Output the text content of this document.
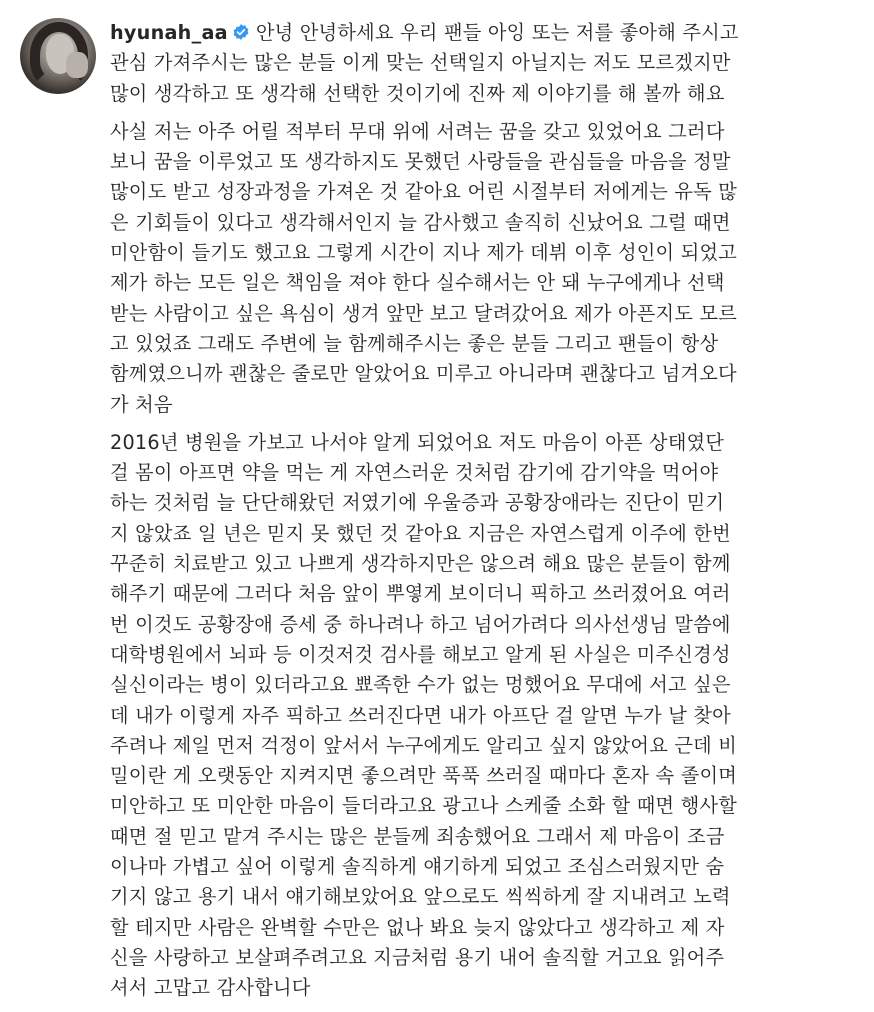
hyunah_aa 안녕 안녕하세요 우리 팬들 아잉 또는 저를 좋아해 주시고
관심 가져주시는 많은 분들 이게 맞는 선택일지 아닐지는 저도 모르겠지만
많이 생각하고 또 생각해 선택한 것이기에 진짜 제 이야기를 해 볼까 해요

사실 저는 아주 어릴 적부터 무대 위에 서려는 꿈을 갖고 있었어요 그러다
보니 꿈을 이루었고 또 생각하지도 못했던 사랑들을 관심들을 마음을 정말
많이도 받고 성장과정을 가져온 것 같아요 어린 시절부터 저에게는 유독 많
은 기회들이 있다고 생각해서인지 늘 감사했고 솔직히 신났어요 그럴 때면
미안함이 들기도 했고요 그렇게 시간이 지나 제가 데뷔 이후 성인이 되었고
제가 하는 모든 일은 책임을 져야 한다 실수해서는 안 돼 누구에게나 선택
받는 사람이고 싶은 욕심이 생겨 앞만 보고 달려갔어요 제가 아픈지도 모르
고 있었죠 그래도 주변에 늘 함께해주시는 좋은 분들 그리고 팬들이 항상
함께였으니까 괜찮은 줄로만 알았어요 미루고 아니라며 괜찮다고 넘겨오다
가 처음

2016년 병원을 가보고 나서야 알게 되었어요 저도 마음이 아픈 상태였단
걸 몸이 아프면 약을 먹는 게 자연스러운 것처럼 감기에 감기약을 먹어야
하는 것처럼 늘 단단해왔던 저였기에 우울증과 공황장애라는 진단이 믿기
지 않았죠 일 년은 믿지 못 했던 것 같아요 지금은 자연스럽게 이주에 한번
꾸준히 치료받고 있고 나쁘게 생각하지만은 않으려 해요 많은 분들이 함께
해주기 때문에 그러다 처음 앞이 뿌옇게 보이더니 픽하고 쓰러졌어요 여러
번 이것도 공황장애 증세 중 하나려나 하고 넘어가려다 의사선생님 말씀에
대학병원에서 뇌파 등 이것저것 검사를 해보고 알게 된 사실은 미주신경성
실신이라는 병이 있더라고요 뾰족한 수가 없는 멍했어요 무대에 서고 싶은
데 내가 이렇게 자주 픽하고 쓰러진다면 내가 아프단 걸 알면 누가 날 찾아
주려나 제일 먼저 걱정이 앞서서 누구에게도 알리고 싶지 않았어요 근데 비
밀이란 게 오랫동안 지켜지면 좋으려만 푹푹 쓰러질 때마다 혼자 속 졸이며
미안하고 또 미안한 마음이 들더라고요 광고나 스케줄 소화 할 때면 행사할
때면 절 믿고 맡겨 주시는 많은 분들께 죄송했어요 그래서 제 마음이 조금
이나마 가볍고 싶어 이렇게 솔직하게 얘기하게 되었고 조심스러웠지만 숨
기지 않고 용기 내서 얘기해보았어요 앞으로도 씩씩하게 잘 지내려고 노력
할 테지만 사람은 완벽할 수만은 없나 봐요 늦지 않았다고 생각하고 제 자
신을 사랑하고 보살펴주려고요 지금처럼 용기 내어 솔직할 거고요 읽어주
셔서 고맙고 감사합니다
